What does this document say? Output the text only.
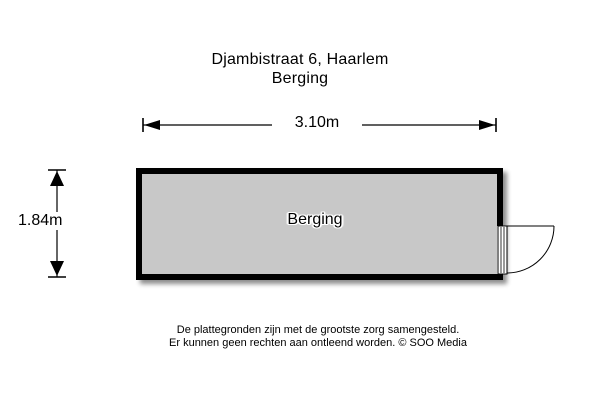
Djambistraat 6, Haarlem
Berging
3.10m
1.84m	Berging
De plattegronden zijn met de grootste zorg samengesteld.
Er kunnen geen rechten aan ontleend worden. © SOO Media
